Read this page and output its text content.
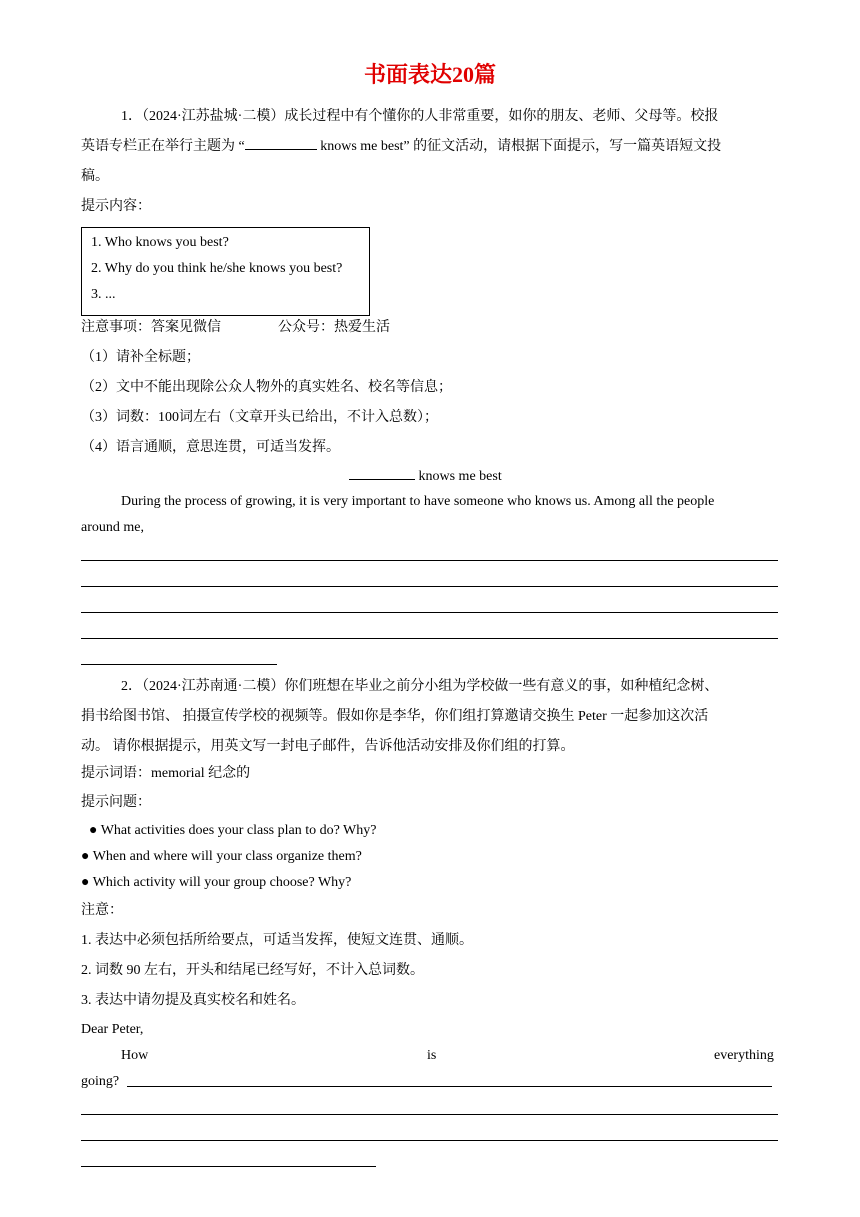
书面表达20篇
1．（2024·江苏盐城·二模）成长过程中有个懂你的人非常重要，如你的朋友、老师、父母等。校报
英语专栏正在举行主题为 “	knows me best” 的征文活动，请根据下面提示，写一篇英语短文投
稿。
提示内容：
1. Who knows you best?
2. Why do you think he/she knows you best?
3. ...
注意事项：答案见微信	公众号：热爱生活
（1）请补全标题；
（2）文中不能出现除公众人物外的真实姓名、校名等信息；
（3）词数：100词左右（文章开头已给出，不计入总数）；
（4）语言通顺，意思连贯，可适当发挥。
knows me best
During the process of growing, it is very important to have someone who knows us. Among all the people
around me,
2．（2024·江苏南通·二模）你们班想在毕业之前分小组为学校做一些有意义的事，如种植纪念树、
捐书给图书馆、 拍摄宣传学校的视频等。假如你是李华，你们组打算邀请交换生 Peter 一起参加这次活
动。 请你根据提示，用英文写一封电子邮件，告诉他活动安排及你们组的打算。
提示词语：memorial 纪念的
提示问题：
● What activities does your class plan to do? Why?
● When and where will your class organize them?
● Which activity will your group choose? Why?
注意：
1. 表达中必须包括所给要点，可适当发挥，使短文连贯、通顺。
2. 词数 90 左右，开头和结尾已经写好，不计入总词数。
3. 表达中请勿提及真实校名和姓名。
Dear Peter,
How	is	everything
going?
